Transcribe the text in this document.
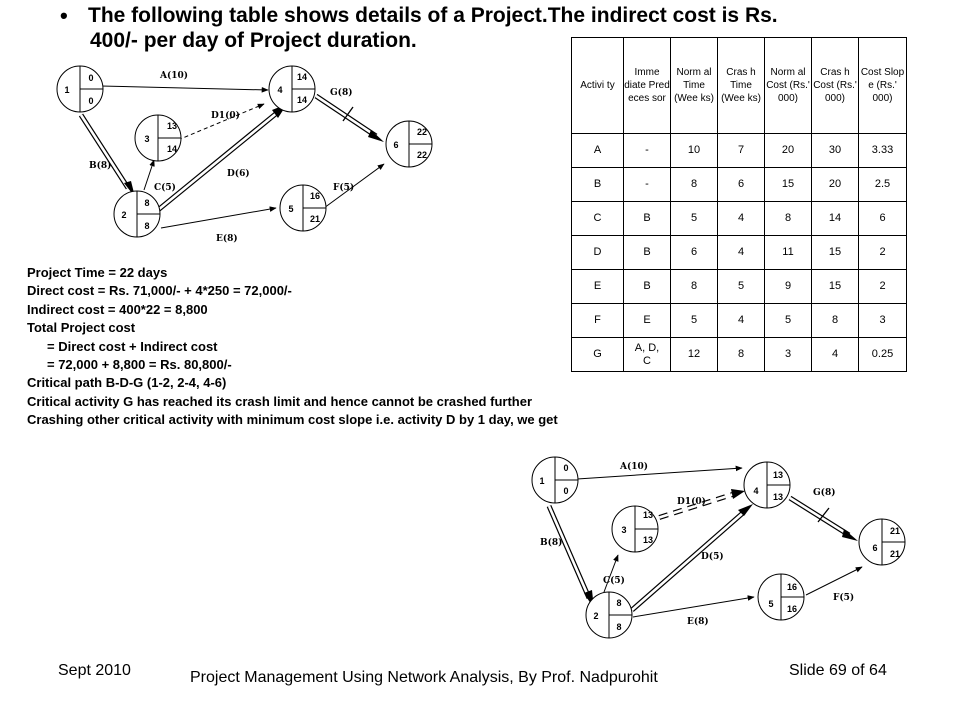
• The following table shows details of a Project.The indirect cost is Rs.
400/- per day of Project duration.
1
0
0
2
8
8
3
13
14
4
14
14
5
16
21
6
22
22
A(10)
B(8)
C(5)
D1(0)
D(6)
E(8)
F(5)
G(8)
1
0
0
2
8
8
3
13
13
4
13
13
5
16
16
6
21
21
A(10)
B(8)
C(5)
D1(0)
D(5)
E(8)
F(5)
G(8)
Activi ty	Imme diate Pred eces sor	Norm al Time (Wee ks)	Cras h Time (Wee ks)	Norm al Cost (Rs.' 000)	Cras h Cost (Rs.' 000)	Cost Slop e (Rs.' 000)
A	-	10	7	20	30	3.33
B	-	8	6	15	20	2.5
C	B	5	4	8	14	6
D	B	6	4	11	15	2
E	B	8	5	9	15	2
F	E	5	4	5	8	3
G	A, D, C	12	8	3	4	0.25
Project Time = 22 days
Direct cost = Rs. 71,000/- + 4*250 = 72,000/-
Indirect cost = 400*22 = 8,800
Total Project cost
= Direct cost + Indirect cost
= 72,000 + 8,800 = Rs. 80,800/-
Critical path B-D-G (1-2, 2-4, 4-6)
Critical activity G has reached its crash limit and hence cannot be crashed further
Crashing other critical activity with minimum cost slope i.e. activity D by 1 day, we get
Sept 2010	Project Management Using Network Analysis, By Prof. Nadpurohit	Slide 69 of 64
